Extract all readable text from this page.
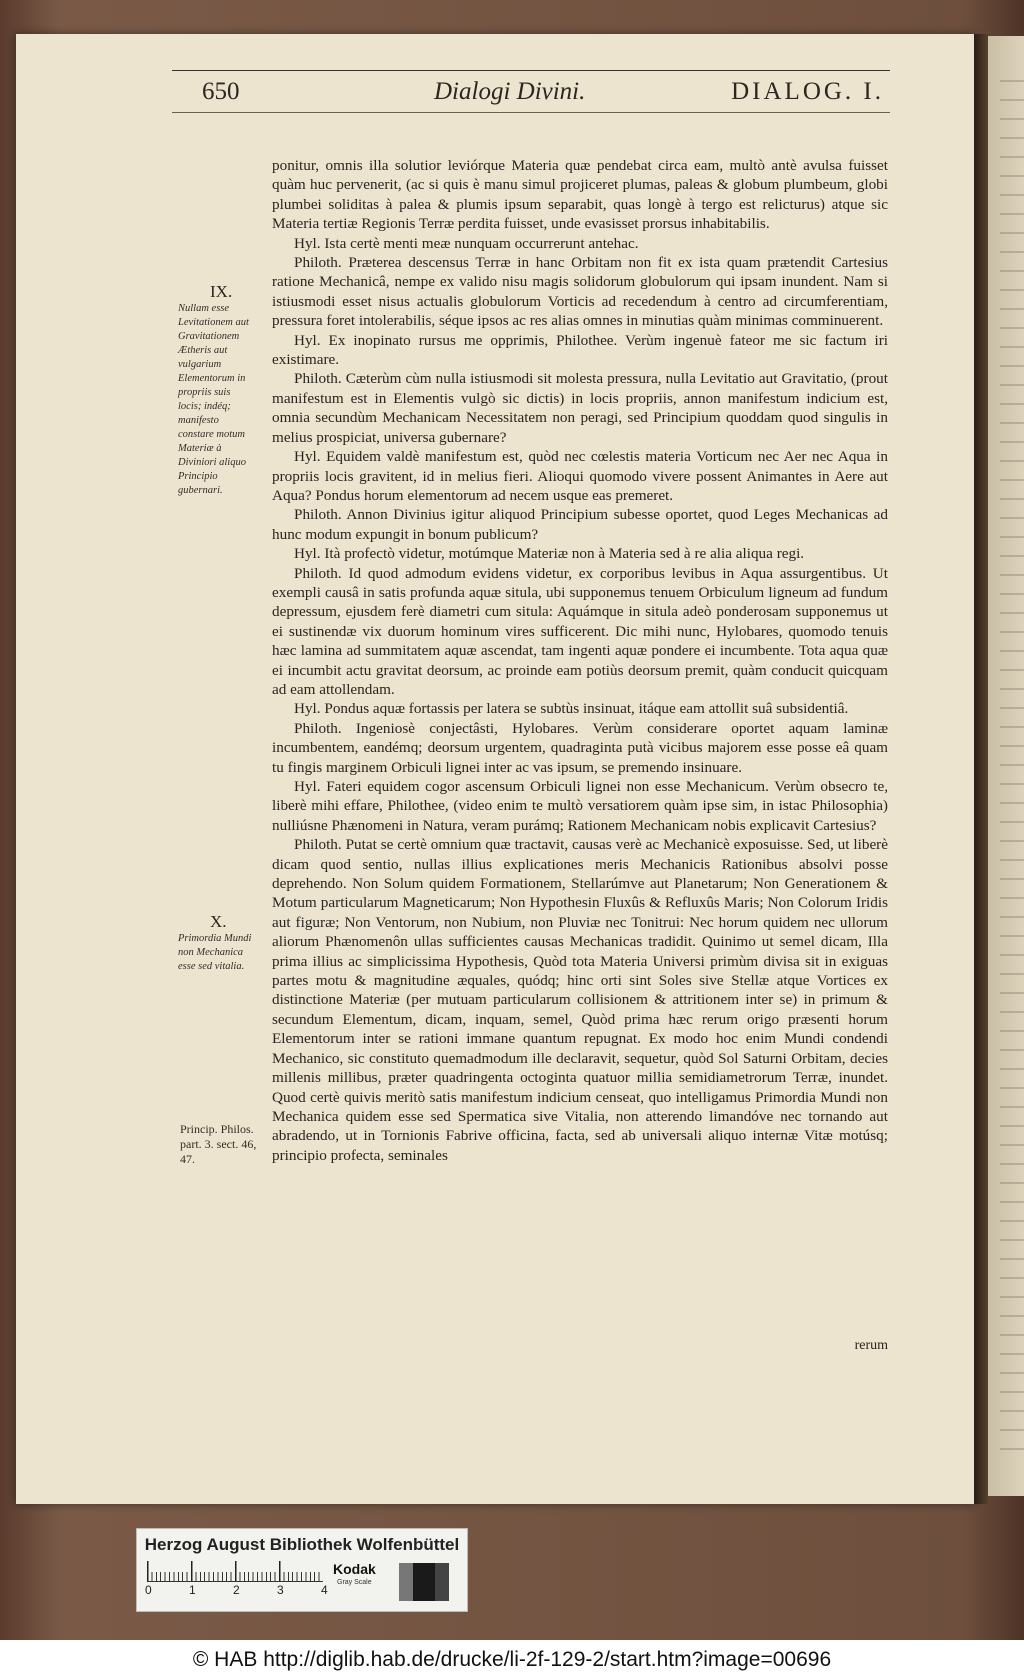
650	Dialogi Divini.	DIALOG. I.
IX.
Nullam esse Levitationem aut Gravitationem Ætheris aut vulgarium Elementorum in propriis suis locis; indéq; manifesto constare motum Materiæ à Diviniori aliquo Principio gubernari.
X.
Primordia Mundi non Mechanica esse sed vitalia.
Princip. Philos. part. 3. sect. 46, 47.

ponitur, omnis illa solutior leviórque Materia quæ pendebat circa eam, multò antè avulsa fuisset quàm huc pervenerit, (ac si quis è manu simul projiceret plumas, paleas & globum plumbeum, globi plumbei soliditas à palea & plumis ipsum separabit, quas longè à tergo est relicturus) atque sic Materia tertiæ Regionis Terræ perdita fuisset, unde evasisset prorsus inhabitabilis.

Hyl. Ista certè menti meæ nunquam occurrerunt antehac.

Philoth. Præterea descensus Terræ in hanc Orbitam non fit ex ista quam prætendit Cartesius ratione Mechanicâ, nempe ex valido nisu magis solidorum globulorum qui ipsam inundent. Nam si istiusmodi esset nisus actualis globulorum Vorticis ad recedendum à centro ad circumferentiam, pressura foret intolerabilis, séque ipsos ac res alias omnes in minutias quàm minimas comminuerent.

Hyl. Ex inopinato rursus me opprimis, Philothee. Verùm ingenuè fateor me sic factum iri existimare.

Philoth. Cæterùm cùm nulla istiusmodi sit molesta pressura, nulla Levitatio aut Gravitatio, (prout manifestum est in Elementis vulgò sic dictis) in locis propriis, annon manifestum indicium est, omnia secundùm Mechanicam Necessitatem non peragi, sed Principium quoddam quod singulis in melius prospiciat, universa gubernare?

Hyl. Equidem valdè manifestum est, quòd nec cœlestis materia Vorticum nec Aer nec Aqua in propriis locis gravitent, id in melius fieri. Alioqui quomodo vivere possent Animantes in Aere aut Aqua? Pondus horum elementorum ad necem usque eas premeret.

Philoth. Annon Divinius igitur aliquod Principium subesse oportet, quod Leges Mechanicas ad hunc modum expungit in bonum publicum?

Hyl. Ità profectò videtur, motúmque Materiæ non à Materia sed à re alia aliqua regi.

Philoth. Id quod admodum evidens videtur, ex corporibus levibus in Aqua assurgentibus. Ut exempli causâ in satis profunda aquæ situla, ubi supponemus tenuem Orbiculum ligneum ad fundum depressum, ejusdem ferè diametri cum situla: Aquámque in situla adeò ponderosam supponemus ut ei sustinendæ vix duorum hominum vires sufficerent. Dic mihi nunc, Hylobares, quomodo tenuis hæc lamina ad summitatem aquæ ascendat, tam ingenti aquæ pondere ei incumbente. Tota aqua quæ ei incumbit actu gravitat deorsum, ac proinde eam potiùs deorsum premit, quàm conducit quicquam ad eam attollendam.

Hyl. Pondus aquæ fortassis per latera se subtùs insinuat, itáque eam attollit suâ subsidentiâ.

Philoth. Ingeniosè conjectâsti, Hylobares. Verùm considerare oportet aquam laminæ incumbentem, eandémq; deorsum urgentem, quadraginta putà vicibus majorem esse posse eâ quam tu fingis marginem Orbiculi lignei inter ac vas ipsum, se premendo insinuare.

Hyl. Fateri equidem cogor ascensum Orbiculi lignei non esse Mechanicum. Verùm obsecro te, liberè mihi effare, Philothee, (video enim te multò versatiorem quàm ipse sim, in istac Philosophia) nulliúsne Phænomeni in Natura, veram purámq; Rationem Mechanicam nobis explicavit Cartesius?

Philoth. Putat se certè omnium quæ tractavit, causas verè ac Mechanicè exposuisse. Sed, ut liberè dicam quod sentio, nullas illius explicationes meris Mechanicis Rationibus absolvi posse deprehendo. Non Solum quidem Formationem, Stellarúmve aut Planetarum; Non Generationem & Motum particularum Magneticarum; Non Hypothesin Fluxûs & Refluxûs Maris; Non Colorum Iridis aut figuræ; Non Ventorum, non Nubium, non Pluviæ nec Tonitrui: Nec horum quidem nec ullorum aliorum Phænomenôn ullas sufficientes causas Mechanicas tradidit. Quinimo ut semel dicam, Illa prima illius ac simplicissima Hypothesis, Quòd tota Materia Universi primùm divisa sit in exiguas partes motu & magnitudine æquales, quódq; hinc orti sint Soles sive Stellæ atque Vortices ex distinctione Materiæ (per mutuam particularum collisionem & attritionem inter se) in primum & secundum Elementum, dicam, inquam, semel, Quòd prima hæc rerum origo præsenti horum Elementorum inter se rationi immane quantum repugnat. Ex modo hoc enim Mundi condendi Mechanico, sic constituto quemadmodum ille declaravit, sequetur, quòd Sol Saturni Orbitam, decies millenis millibus, præter quadringenta octoginta quatuor millia semidiametrorum Terræ, inundet. Quod certè quivis meritò satis manifestum indicium censeat, quo intelligamus Primordia Mundi non Mechanica quidem esse sed Spermatica sive Vitalia, non atterendo limandóve nec tornando aut abradendo, ut in Tornionis Fabrive officina, facta, sed ab universali aliquo internæ Vitæ motúsq; principio profecta, seminales

rerum
Herzog August Bibliothek Wolfenbüttel
0	1	2	3	4
Kodak
Gray Scale
© HAB http://diglib.hab.de/drucke/li-2f-129-2/start.htm?image=00696
